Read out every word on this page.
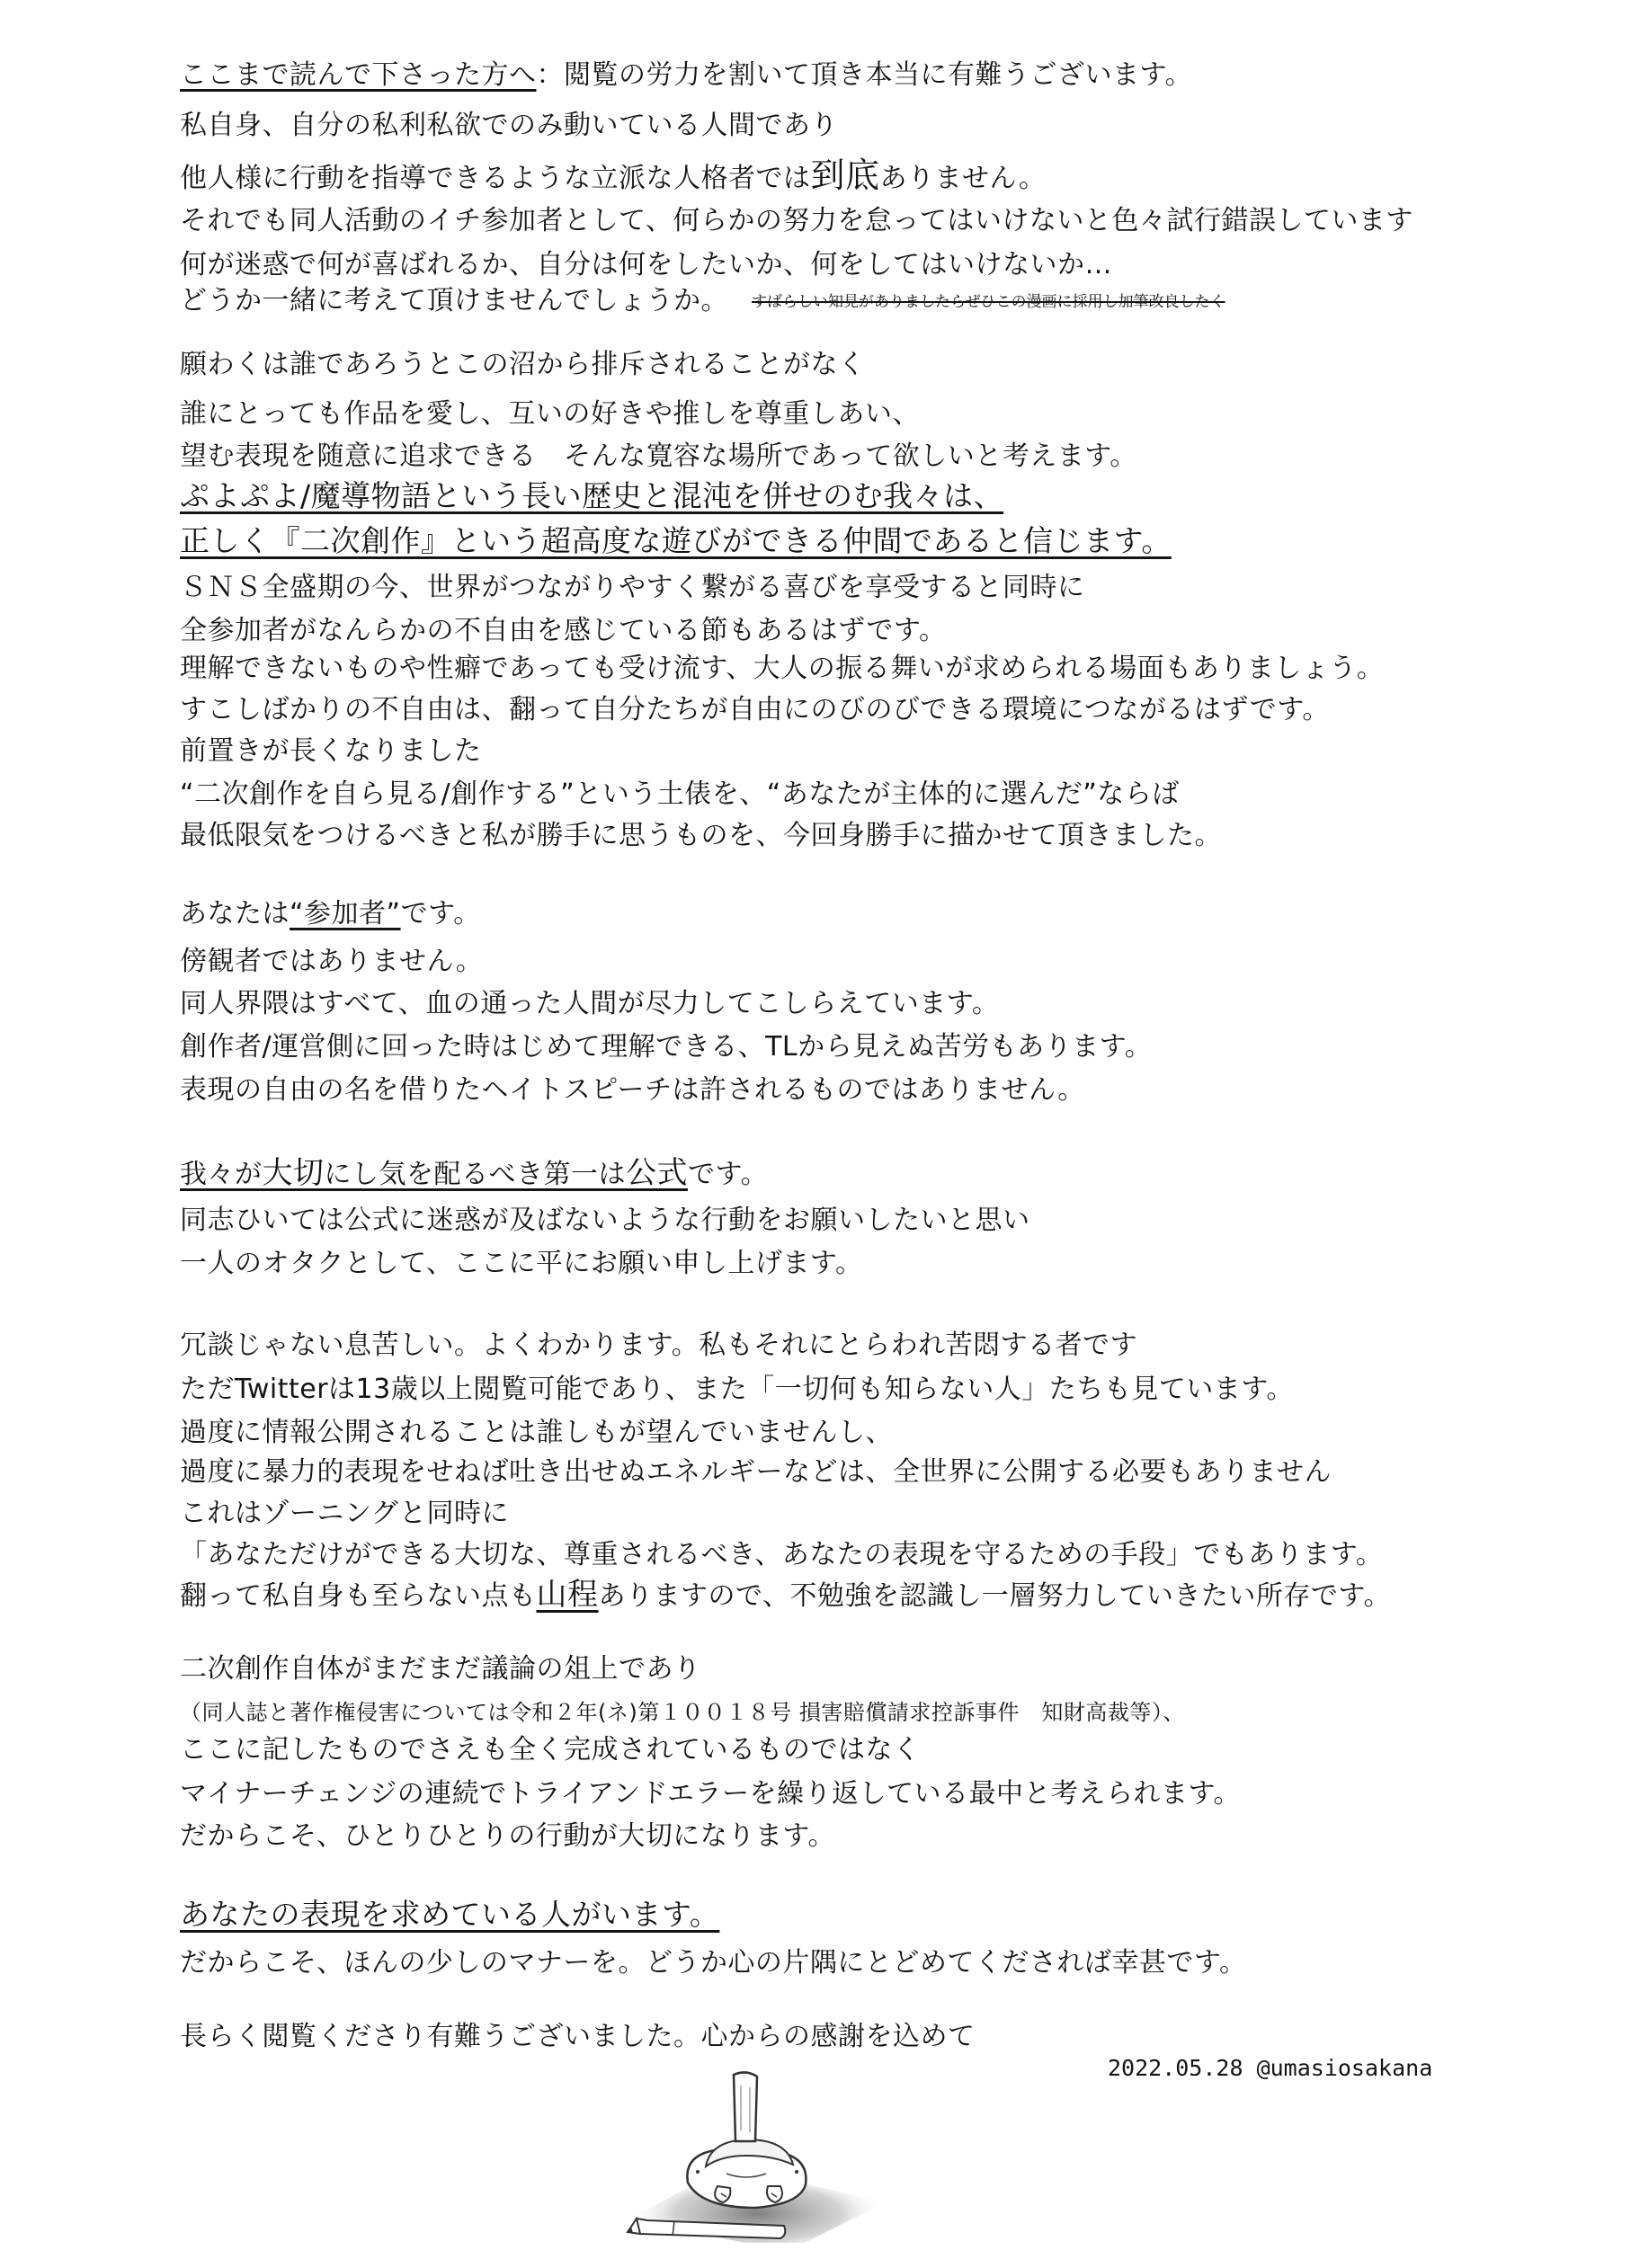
ここまで読んで下さった方へ：閲覧の労力を割いて頂き本当に有難うございます。
私自身、自分の私利私欲でのみ動いている人間であり
他人様に行動を指導できるような立派な人格者では到底ありません。
それでも同人活動のイチ参加者として、何らかの努力を怠ってはいけないと色々試行錯誤しています
何が迷惑で何が喜ばれるか、自分は何をしたいか、何をしてはいけないか…
どうか一緒に考えて頂けませんでしょうか。 すばらしい知見がありましたらぜひこの漫画に採用し加筆改良したく
願わくは誰であろうとこの沼から排斥されることがなく
誰にとっても作品を愛し、互いの好きや推しを尊重しあい、
望む表現を随意に追求できる　そんな寛容な場所であって欲しいと考えます。
ぷよぷよ/魔導物語という長い歴史と混沌を併せのむ我々は、
正しく『二次創作』という超高度な遊びができる仲間であると信じます。
ＳＮＳ全盛期の今、世界がつながりやすく繋がる喜びを享受すると同時に
全参加者がなんらかの不自由を感じている節もあるはずです。
理解できないものや性癖であっても受け流す、大人の振る舞いが求められる場面もありましょう。
すこしばかりの不自由は、翻って自分たちが自由にのびのびできる環境につながるはずです。
前置きが長くなりました
“二次創作を自ら見る/創作する”という土俵を、“あなたが主体的に選んだ”ならば
最低限気をつけるべきと私が勝手に思うものを、今回身勝手に描かせて頂きました。
あなたは“参加者”です。
傍観者ではありません。
同人界隈はすべて、血の通った人間が尽力してこしらえています。
創作者/運営側に回った時はじめて理解できる、TLから見えぬ苦労もあります。
表現の自由の名を借りたヘイトスピーチは許されるものではありません。
我々が大切にし気を配るべき第一は公式です。
同志ひいては公式に迷惑が及ばないような行動をお願いしたいと思い
一人のオタクとして、ここに平にお願い申し上げます。
冗談じゃない息苦しい。よくわかります。私もそれにとらわれ苦悶する者です
ただTwitterは13歳以上閲覧可能であり、また「一切何も知らない人」たちも見ています。
過度に情報公開されることは誰しもが望んでいませんし、
過度に暴力的表現をせねば吐き出せぬエネルギーなどは、全世界に公開する必要もありません
これはゾーニングと同時に
「あなただけができる大切な、尊重されるべき、あなたの表現を守るための手段」でもあります。
翻って私自身も至らない点も山程ありますので、不勉強を認識し一層努力していきたい所存です。
二次創作自体がまだまだ議論の俎上であり
（同人誌と著作権侵害については令和２年(ネ)第１００１８号 損害賠償請求控訴事件　知財高裁等）、
ここに記したものでさえも全く完成されているものではなく
マイナーチェンジの連続でトライアンドエラーを繰り返している最中と考えられます。
だからこそ、ひとりひとりの行動が大切になります。
あなたの表現を求めている人がいます。
だからこそ、ほんの少しのマナーを。どうか心の片隅にとどめてくだされば幸甚です。
長らく閲覧くださり有難うございました。心からの感謝を込めて
2022.05.28 @umasiosakana
